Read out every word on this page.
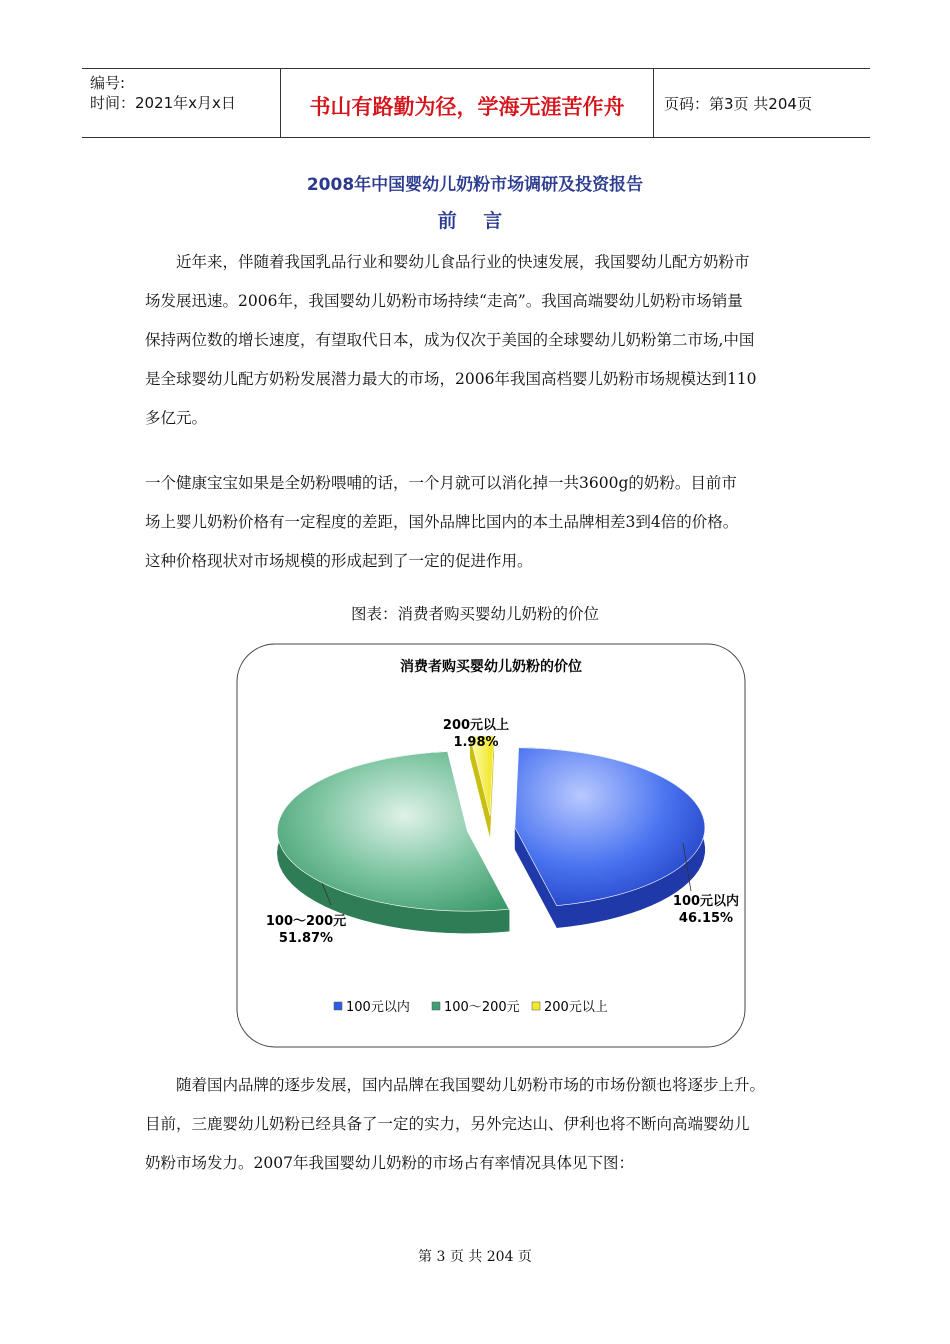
编号:
时间：2021年x月x日	书山有路勤为径，学海无涯苦作舟	页码：第3页 共204页
2008年中国婴幼儿奶粉市场调研及投资报告
前 言
　　近年来，伴随着我国乳品行业和婴幼儿食品行业的快速发展，我国婴幼儿配方奶粉市
场发展迅速。2006年，我国婴幼儿奶粉市场持续“走高”。我国高端婴幼儿奶粉市场销量
保持两位数的增长速度，有望取代日本，成为仅次于美国的全球婴幼儿奶粉第二市场,中国
是全球婴幼儿配方奶粉发展潜力最大的市场，2006年我国高档婴儿奶粉市场规模达到110
多亿元。
一个健康宝宝如果是全奶粉喂哺的话，一个月就可以消化掉一共3600g的奶粉。目前市
场上婴儿奶粉价格有一定程度的差距，国外品牌比国内的本土品牌相差3到4倍的价格。
这种价格现状对市场规模的形成起到了一定的促进作用。
图表：消费者购买婴幼儿奶粉的价位
消费者购买婴幼儿奶粉的价位
100元以内
46.15%
100～200元
51.87%
200元以上
1.98%
100元以内	100～200元 200元以上
　　随着国内品牌的逐步发展，国内品牌在我国婴幼儿奶粉市场的市场份额也将逐步上升。
目前，三鹿婴幼儿奶粉已经具备了一定的实力，另外完达山、伊利也将不断向高端婴幼儿
奶粉市场发力。2007年我国婴幼儿奶粉的市场占有率情况具体见下图：
第 3 页 共 204 页
